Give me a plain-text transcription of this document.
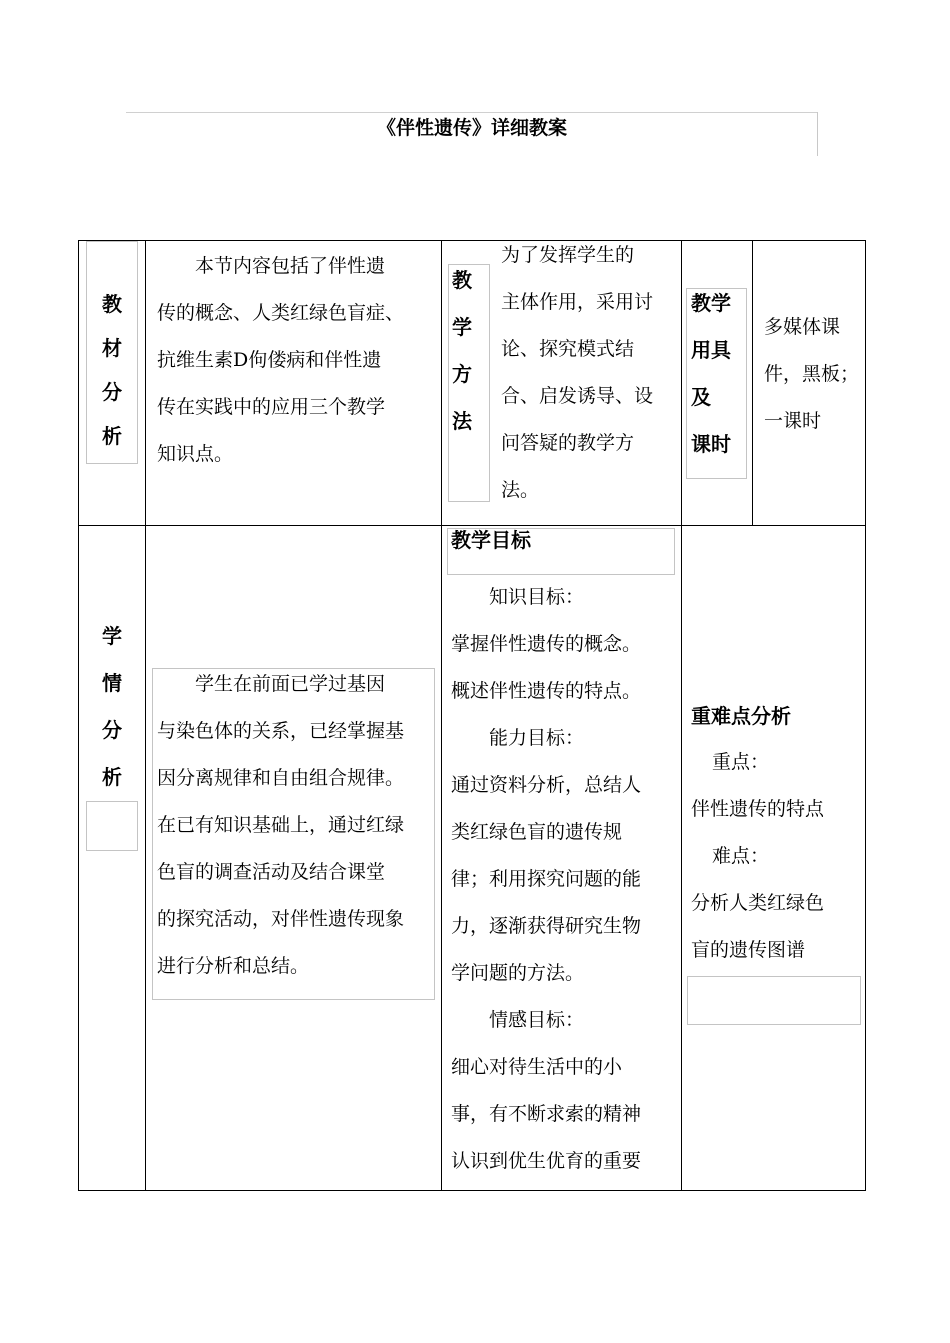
《伴性遗传》详细教案
教
材
分
析
本节内容包括了伴性遗
传的概念、人类红绿色盲症、
抗维生素D佝偻病和伴性遗
传在实践中的应用三个教学
知识点。
教
学
方
法
为了发挥学生的
主体作用，采用讨
论、探究模式结
合、启发诱导、设
问答疑的教学方
法。
教学
用具
及
课时
多媒体课
件，黑板；
一课时
学
情
分
析
学生在前面已学过基因
与染色体的关系，已经掌握基
因分离规律和自由组合规律。
在已有知识基础上，通过红绿
色盲的调查活动及结合课堂
的探究活动，对伴性遗传现象
进行分析和总结。
教学目标
知识目标：
掌握伴性遗传的概念。
概述伴性遗传的特点。
能力目标：
通过资料分析，总结人
类红绿色盲的遗传规
律；利用探究问题的能
力，逐渐获得研究生物
学问题的方法。
情感目标：
细心对待生活中的小
事，有不断求索的精神
认识到优生优育的重要
重难点分析
重点：
伴性遗传的特点
难点：
分析人类红绿色
盲的遗传图谱
